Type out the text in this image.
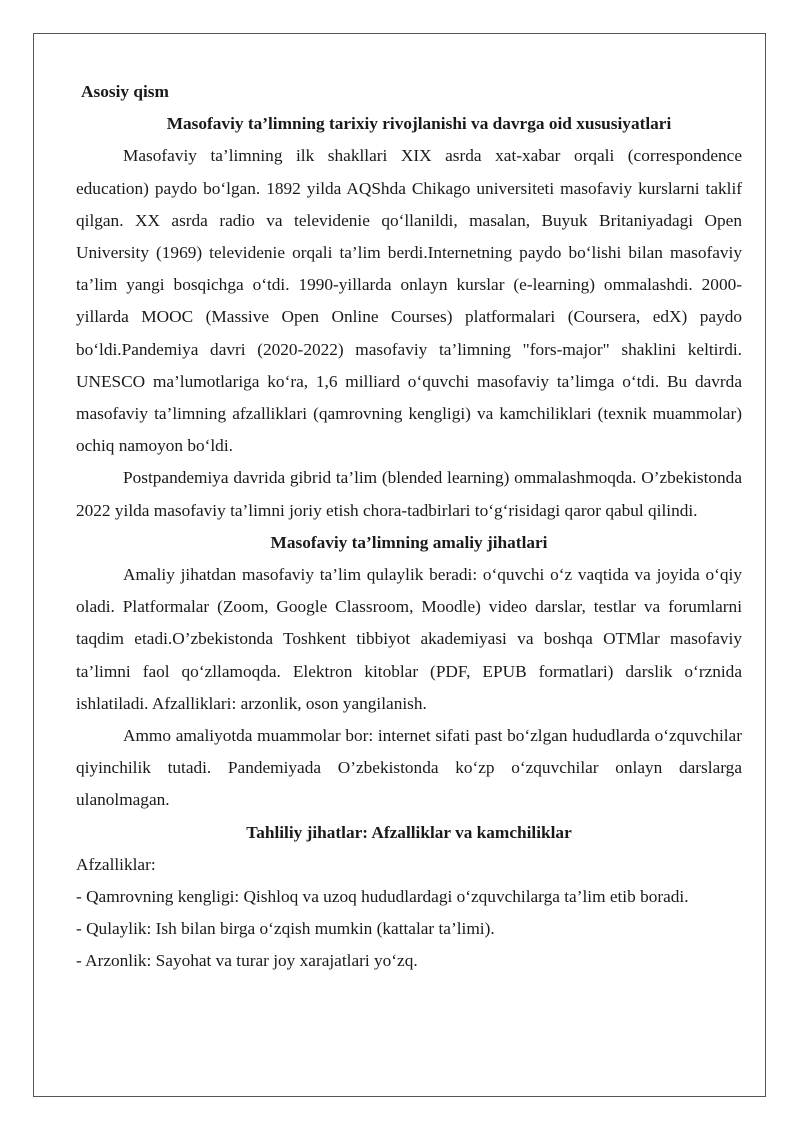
Asosiy qism

Masofaviy ta’limning tarixiy rivojlanishi va davrga oid xususiyatlari

Masofaviy ta’limning ilk shakllari XIX asrda xat-xabar orqali (correspondence education) paydo bo‘lgan. 1892 yilda AQShda Chikago universiteti masofaviy kurslarni taklif qilgan. XX asrda radio va televidenie qo‘llanildi, masalan, Buyuk Britaniyadagi Open University (1969) televidenie orqali ta’lim berdi.Internetning paydo bo‘lishi bilan masofaviy ta’lim yangi bosqichga o‘tdi. 1990-yillarda onlayn kurslar (e-learning) ommalashdi. 2000-yillarda MOOC (Massive Open Online Courses) platformalari (Coursera, edX) paydo bo‘ldi.Pandemiya davri (2020-2022) masofaviy ta’limning "fors-major" shaklini keltirdi. UNESCO ma’lumotlariga ko‘ra, 1,6 milliard o‘quvchi masofaviy ta’limga o‘tdi. Bu davrda masofaviy ta’limning afzalliklari (qamrovning kengligi) va kamchiliklari (texnik muammolar) ochiq namoyon bo‘ldi.

Postpandemiya davrida gibrid ta’lim (blended learning) ommalashmoqda. O’zbekistonda 2022 yilda masofaviy ta’limni joriy etish chora-tadbirlari to‘g‘risidagi qaror qabul qilindi.

Masofaviy ta’limning amaliy jihatlari

Amaliy jihatdan masofaviy ta’lim qulaylik beradi: o‘quvchi o‘z vaqtida va joyida o‘qiy oladi. Platformalar (Zoom, Google Classroom, Moodle) video darslar, testlar va forumlarni taqdim etadi.O’zbekistonda Toshkent tibbiyot akademiyasi va boshqa OTMlar masofaviy ta’limni faol qo‘zllamoqda. Elektron kitoblar (PDF, EPUB formatlari) darslik o‘rznida ishlatiladi. Afzalliklari: arzonlik, oson yangilanish.

Ammo amaliyotda muammolar bor: internet sifati past bo‘zlgan hududlarda o‘zquvchilar qiyinchilik tutadi. Pandemiyada O’zbekistonda ko‘zp o‘zquvchilar onlayn darslarga ulanolmagan.

Tahliliy jihatlar: Afzalliklar va kamchiliklar

Afzalliklar:

- Qamrovning kengligi: Qishloq va uzoq hududlardagi o‘zquvchilarga ta’lim etib boradi.

- Qulaylik: Ish bilan birga o‘zqish mumkin (kattalar ta’limi).

- Arzonlik: Sayohat va turar joy xarajatlari yo‘zq.
